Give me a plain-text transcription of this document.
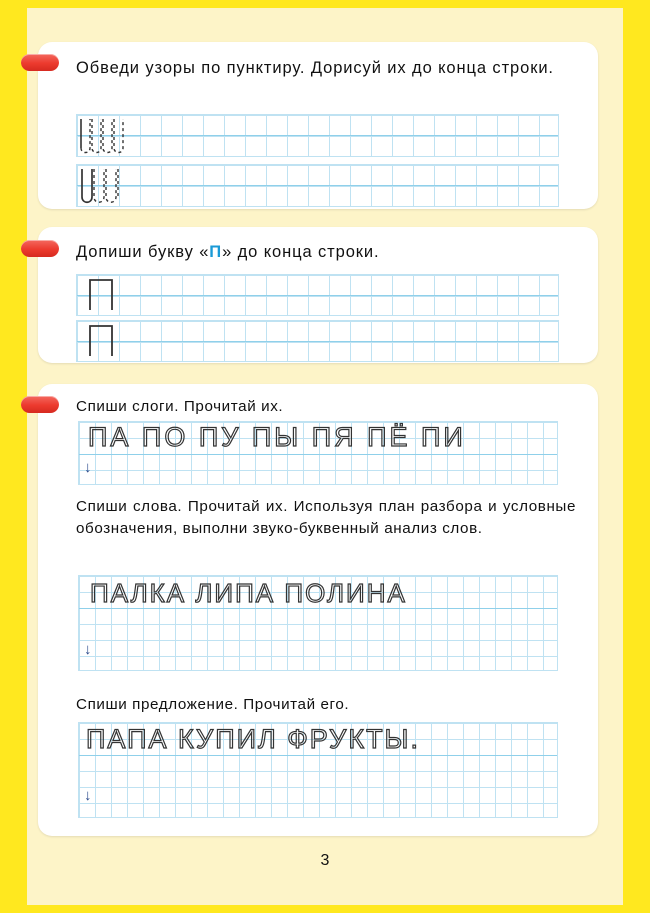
Обведи узоры по пунктиру. Дорисуй их до конца строки.
Допиши букву «П» до конца строки.
Спиши слоги. Прочитай их.
ПА ПО ПУ ПЫ ПЯ ПЁ ПИ
↓
Спиши слова. Прочитай их. Используя план разбора и условные обозначения, выполни звуко-буквенный анализ слов.
ПАЛКА ЛИПА ПОЛИНА
↓
Спиши предложение. Прочитай его.
ПАПА КУПИЛ ФРУКТЫ.
↓
3
